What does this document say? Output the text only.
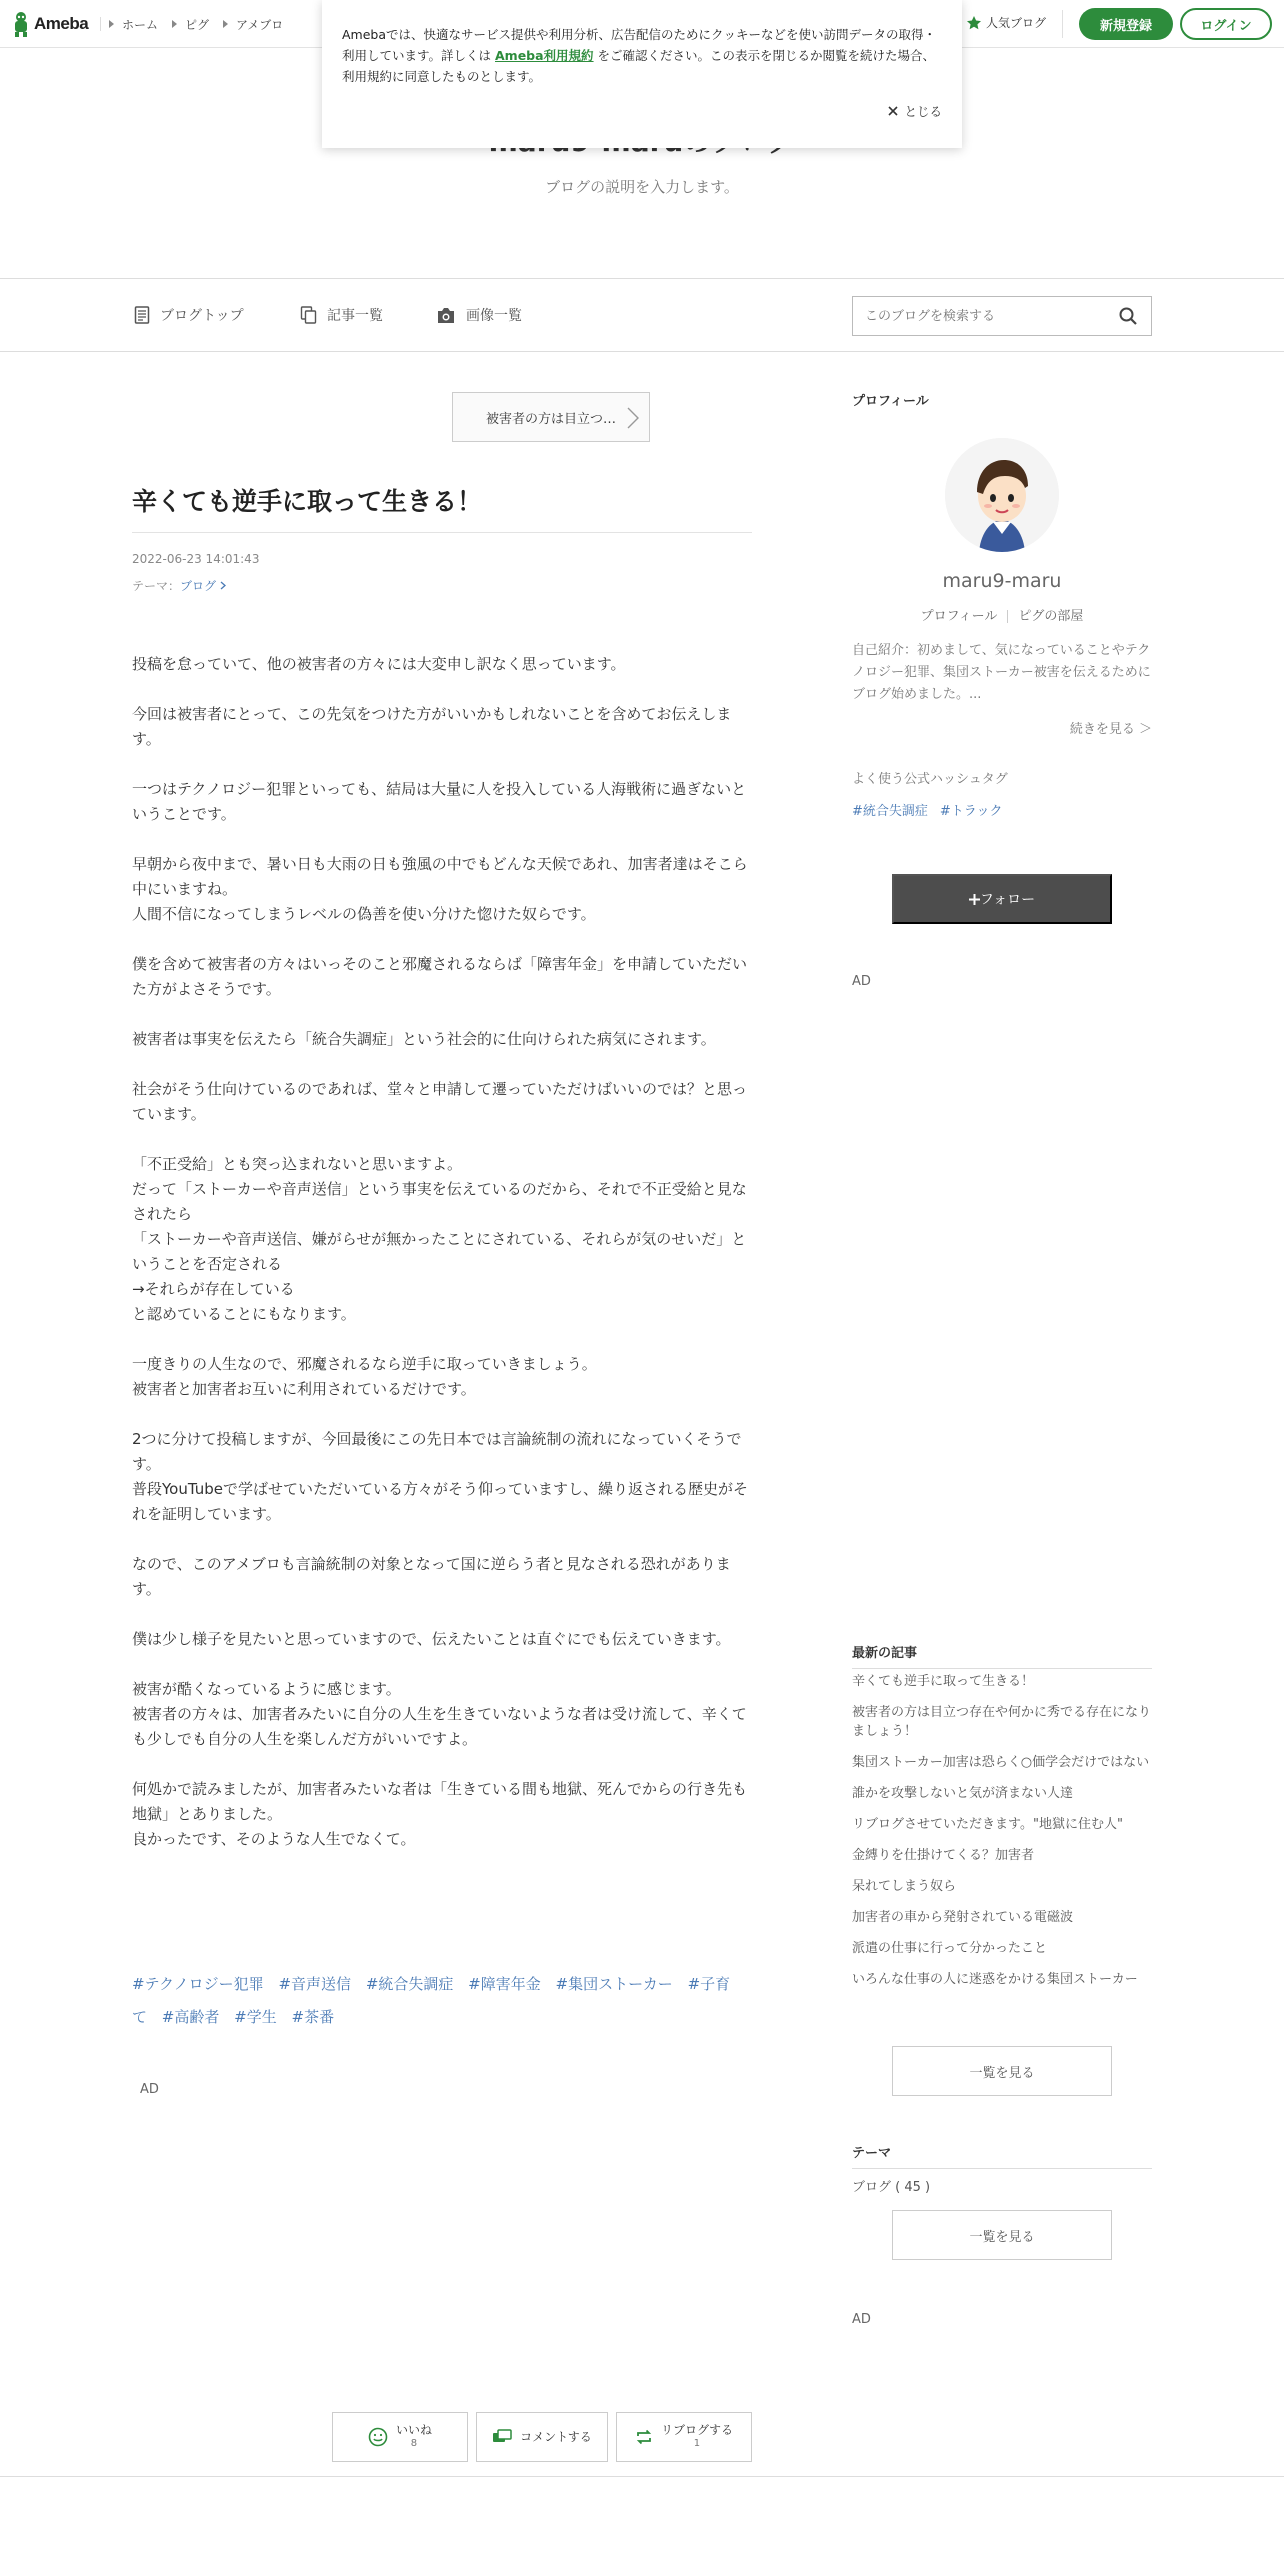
Ameba	ホーム ピグ アメブロ	人気ブログ	新規登録	ログイン

Amebaでは、快適なサービス提供や利用分析、広告配信のためにクッキーなどを使い訪問データの取得・利用しています。詳しくは Ameba利用規約 をご確認ください。この表示を閉じるか閲覧を続けた場合、利用規約に同意したものとします。

とじる
ブログの説明を入力します。
ブログトップ	記事一覧	画像一覧
このブログを検索する
被害者の方は目立つ…
辛くても逆手に取って生きる！
2022-06-23 14:01:43
テーマ：ブログ

投稿を怠っていて、他の被害者の方々には大変申し訳なく思っています。

今回は被害者にとって、この先気をつけた方がいいかもしれないことを含めてお伝えします。

一つはテクノロジー犯罪といっても、結局は大量に人を投入している人海戦術に過ぎないということです。

早朝から夜中まで、暑い日も大雨の日も強風の中でもどんな天候であれ、加害者達はそこら中にいますね。
人間不信になってしまうレベルの偽善を使い分けた惚けた奴らです。

僕を含めて被害者の方々はいっそのこと邪魔されるならば「障害年金」を申請していただいた方がよさそうです。

被害者は事実を伝えたら「統合失調症」という社会的に仕向けられた病気にされます。

社会がそう仕向けているのであれば、堂々と申請して遷っていただけばいいのでは？と思っています。

「不正受給」とも突っ込まれないと思いますよ。
だって「ストーカーや音声送信」という事実を伝えているのだから、それで不正受給と見なされたら
「ストーカーや音声送信、嫌がらせが無かったことにされている、それらが気のせいだ」ということを否定される
→それらが存在している
と認めていることにもなります。

一度きりの人生なので、邪魔されるなら逆手に取っていきましょう。
被害者と加害者お互いに利用されているだけです。

2つに分けて投稿しますが、今回最後にこの先日本では言論統制の流れになっていくそうです。
普段YouTubeで学ばせていただいている方々がそう仰っていますし、繰り返される歴史がそれを証明しています。

なので、このアメブロも言論統制の対象となって国に逆らう者と見なされる恐れがあります。

僕は少し様子を見たいと思っていますので、伝えたいことは直ぐにでも伝えていきます。

被害が酷くなっているように感じます。
被害者の方々は、加害者みたいに自分の人生を生きていないような者は受け流して、辛くても少しでも自分の人生を楽しんだ方がいいですよ。

何処かで読みましたが、加害者みたいな者は「生きている間も地獄、死んでからの行き先も地獄」とありました。
良かったです、そのような人生でなくて。

#テクノロジー犯罪 #音声送信 #統合失調症 #障害年金 #集団ストーカー #子育て #高齢者 #学生 #茶番
AD
いいね
8	コメントする	リブログする
1
プロフィール
maru9-maru
プロフィール ピグの部屋
自己紹介：初めまして、気になっていることやテクノロジー犯罪、集団ストーカー被害を伝えるためにブログ始めました。...
続きを見る ＞
よく使う公式ハッシュタグ
#統合失調症 #トラック
フォロー
AD
最新の記事
辛くても逆手に取って生きる！
被害者の方は目立つ存在や何かに秀でる存在になりましょう！
集団ストーカー加害は恐らく○価学会だけではない
誰かを攻撃しないと気が済まない人達
リブログさせていただきます。"地獄に住む人"
金縛りを仕掛けてくる？加害者
呆れてしまう奴ら
加害者の車から発射されている電磁波
派遣の仕事に行って分かったこと
いろんな仕事の人に迷惑をかける集団ストーカー
一覧を見る
テーマ
ブログ ( 45 )
一覧を見る
AD
